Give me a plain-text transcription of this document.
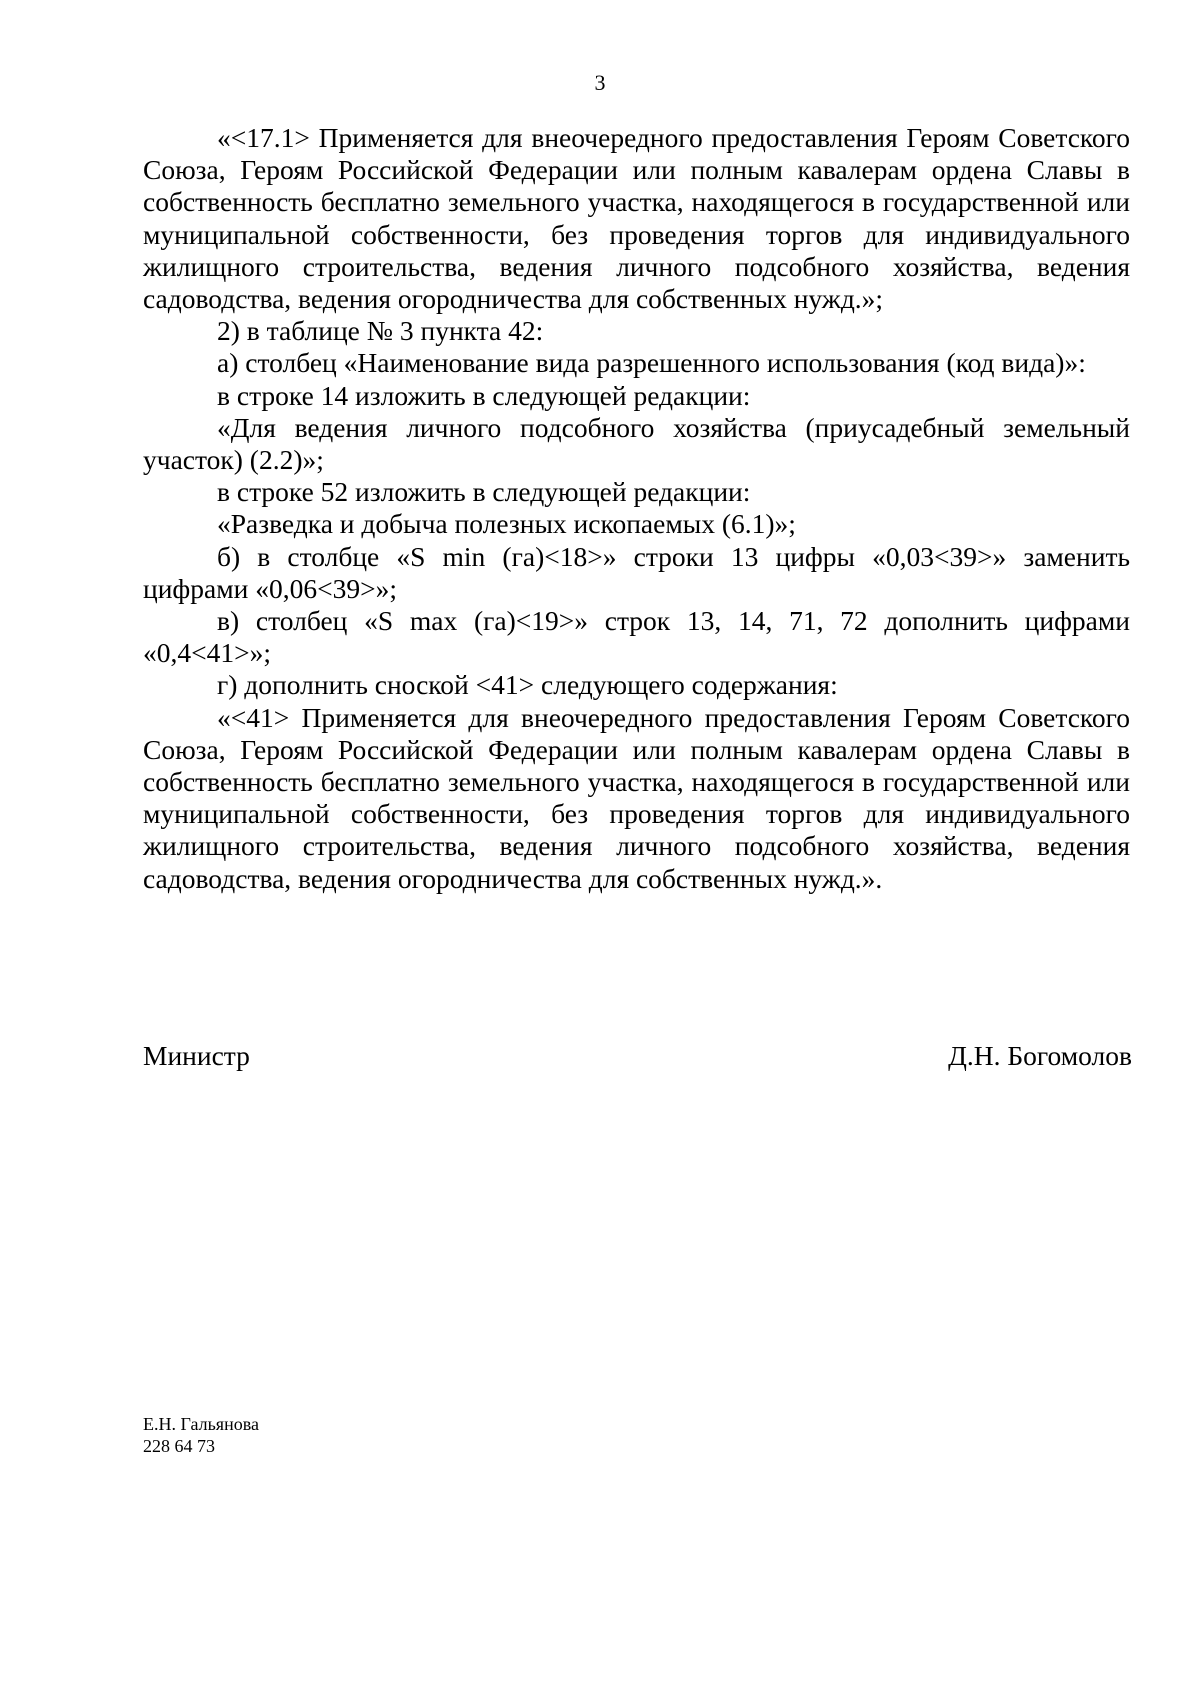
3

«<17.1> Применяется для внеочередного предоставления Героям Советского Союза, Героям Российской Федерации или полным кавалерам ордена Славы в собственность бесплатно земельного участка, находящегося в государственной или муниципальной собственности, без проведения торгов для индивидуального жилищного строительства, ведения личного подсобного хозяйства, ведения садоводства, ведения огородничества для собственных нужд.»;

2) в таблице № 3 пункта 42:

а) столбец «Наименование вида разрешенного использования (код вида)»:

в строке 14 изложить в следующей редакции:

«Для ведения личного подсобного хозяйства (приусадебный земельный участок) (2.2)»;

в строке 52 изложить в следующей редакции:

«Разведка и добыча полезных ископаемых (6.1)»;

б) в столбце «S min (га)<18>» строки 13 цифры «0,03<39>» заменить цифрами «0,06<39>»;

в) столбец «S max (га)<19>» строк 13, 14, 71, 72 дополнить цифрами «0,4<41>»;

г) дополнить сноской <41> следующего содержания:

«<41> Применяется для внеочередного предоставления Героям Советского Союза, Героям Российской Федерации или полным кавалерам ордена Славы в собственность бесплатно земельного участка, находящегося в государственной или муниципальной собственности, без проведения торгов для индивидуального жилищного строительства, ведения личного подсобного хозяйства, ведения садоводства, ведения огородничества для собственных нужд.».

Министр	Д.Н. Богомолов
Е.Н. Гальянова
228 64 73
